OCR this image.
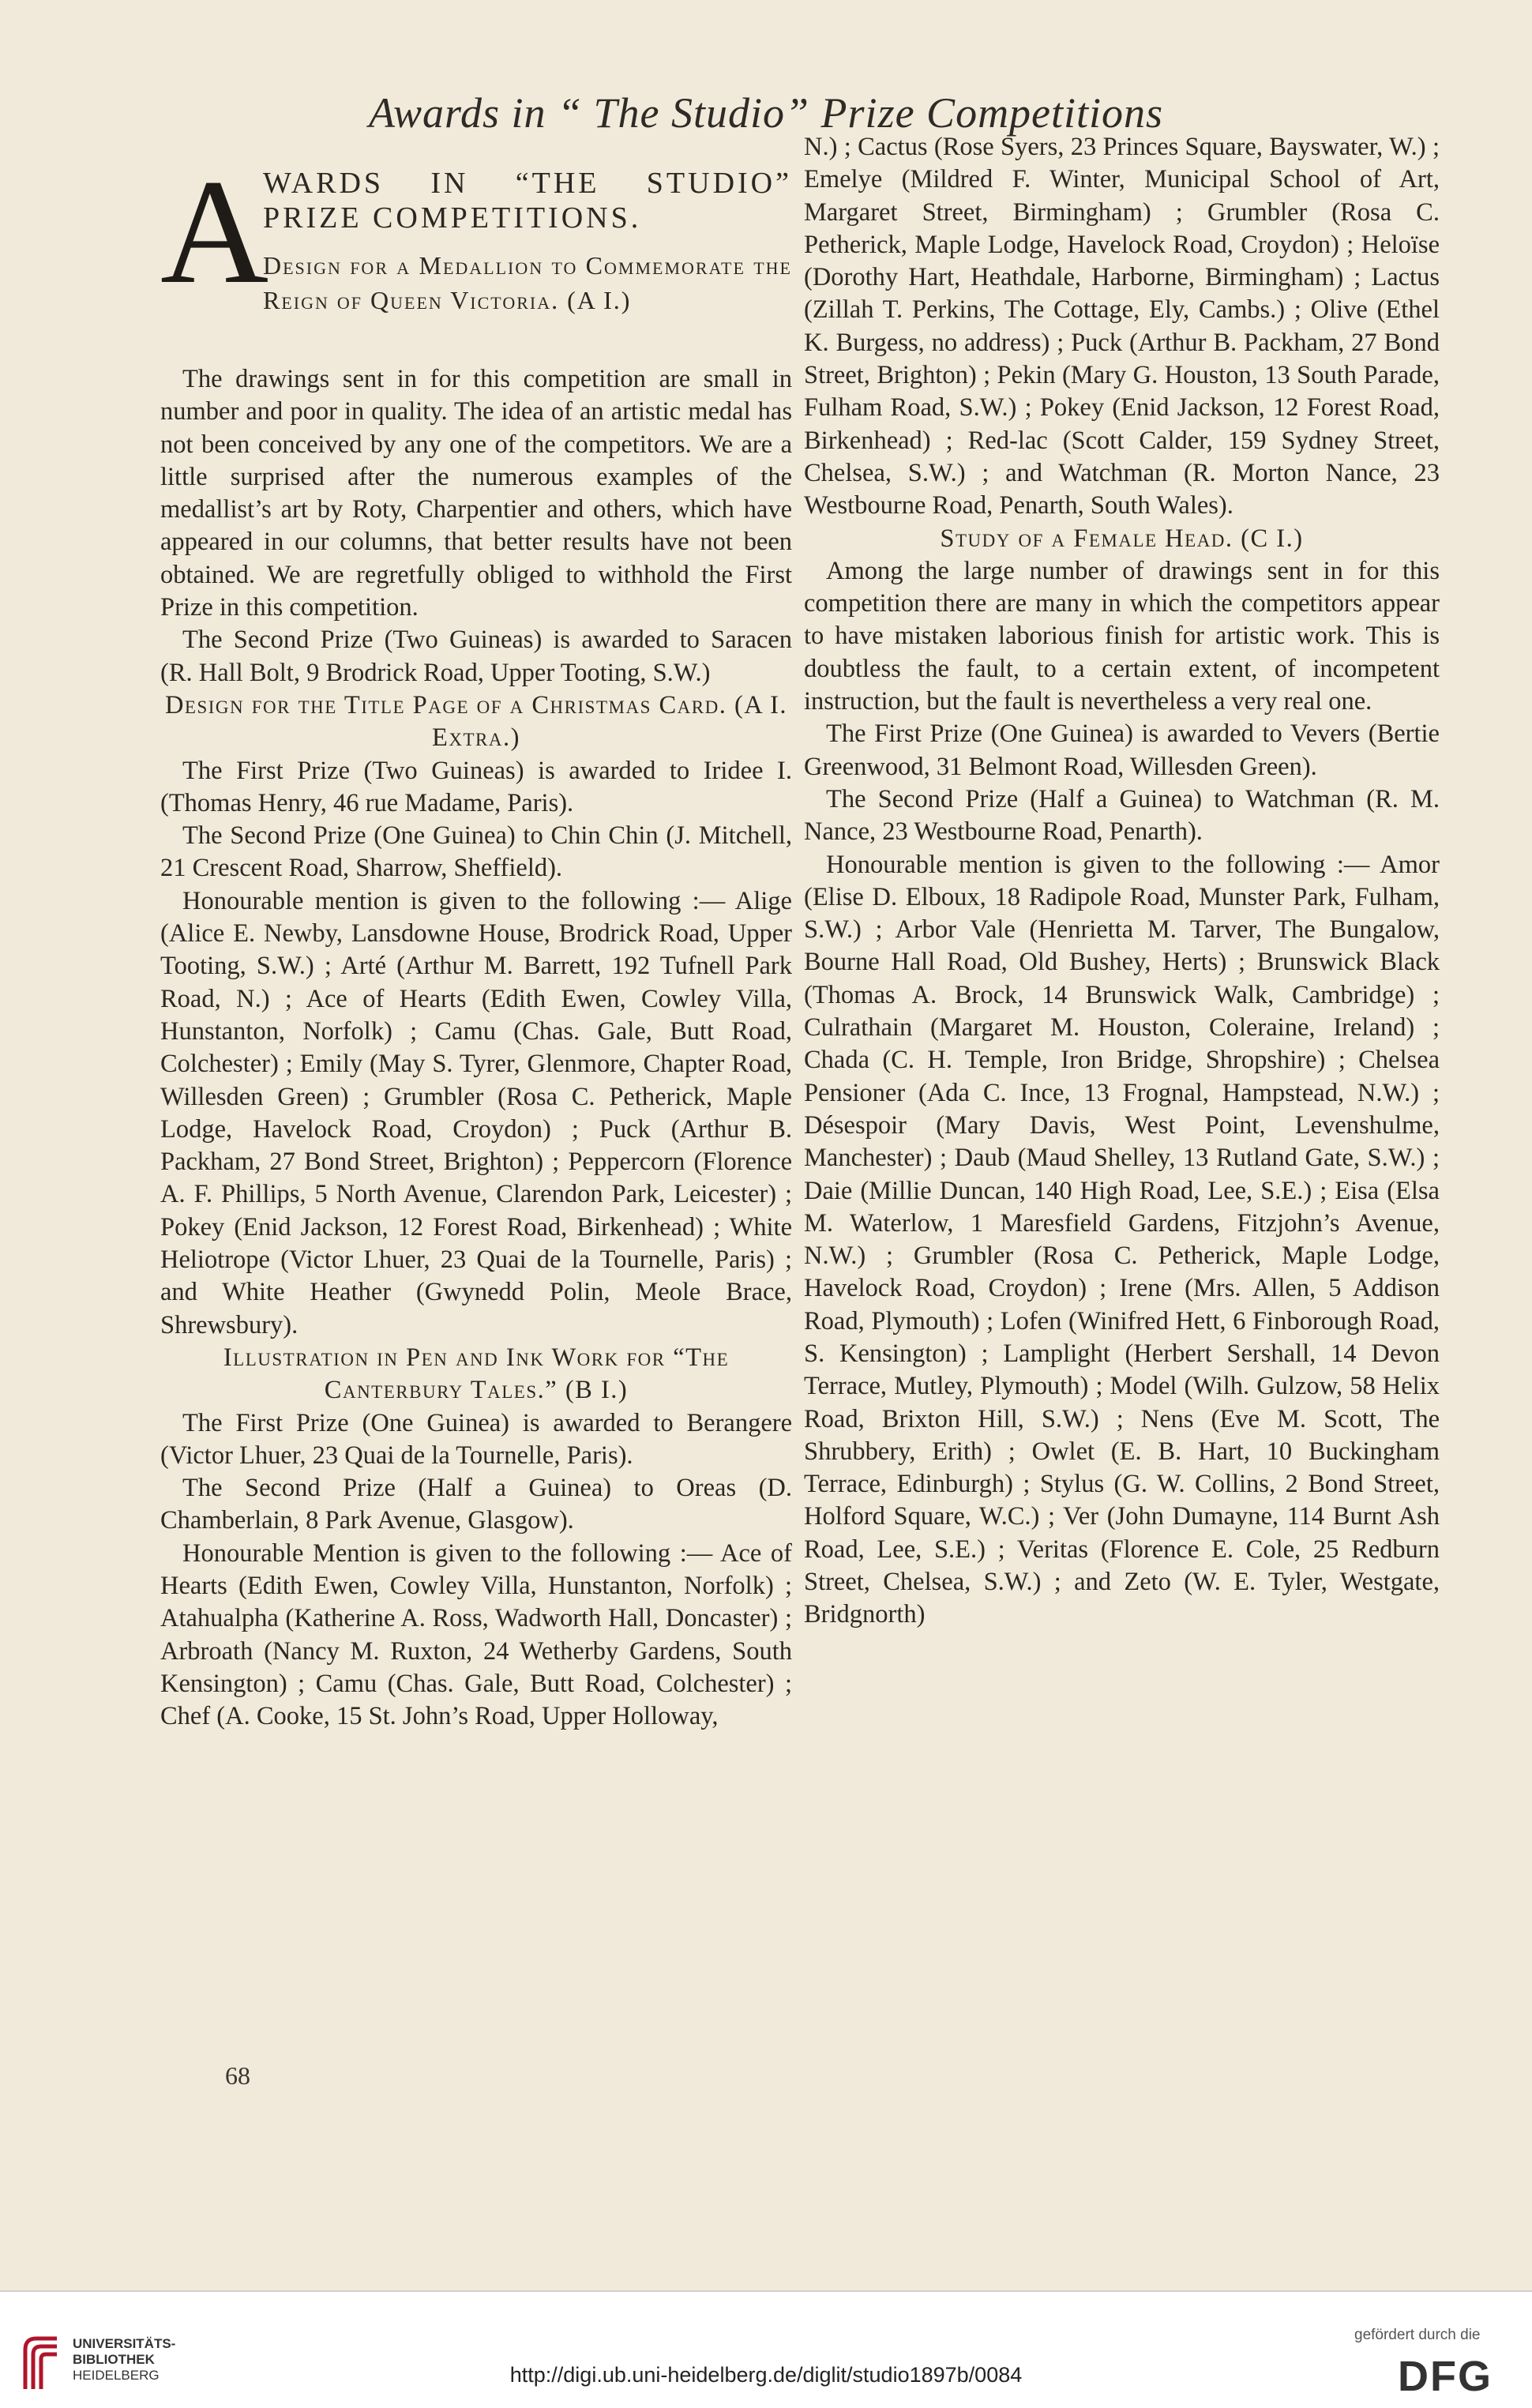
Awards in “ The Studio” Prize Competitions
A

WARDS IN “THE STUDIO” PRIZE COMPETITIONS.

Design for a Medallion to Commemorate the Reign of Queen Victoria. (A I.)

The drawings sent in for this competition are small in number and poor in quality. The idea of an artistic medal has not been conceived by any one of the competitors. We are a little surprised after the numerous examples of the medallist’s art by Roty, Charpentier and others, which have appeared in our columns, that better results have not been obtained. We are regretfully obliged to withhold the First Prize in this competition.

The Second Prize (Two Guineas) is awarded to Saracen (R. Hall Bolt, 9 Brodrick Road, Upper Tooting, S.W.)

Design for the Title Page of a Christmas Card. (A I. Extra.)

The First Prize (Two Guineas) is awarded to Iridee I. (Thomas Henry, 46 rue Madame, Paris).

The Second Prize (One Guinea) to Chin Chin (J. Mitchell, 21 Crescent Road, Sharrow, Sheffield).

Honourable mention is given to the following :— Alige (Alice E. Newby, Lansdowne House, Brodrick Road, Upper Tooting, S.W.) ; Arté (Arthur M. Barrett, 192 Tufnell Park Road, N.) ; Ace of Hearts (Edith Ewen, Cowley Villa, Hunstanton, Norfolk) ; Camu (Chas. Gale, Butt Road, Colchester) ; Emily (May S. Tyrer, Glenmore, Chapter Road, Willesden Green) ; Grumbler (Rosa C. Petherick, Maple Lodge, Havelock Road, Croydon) ; Puck (Arthur B. Packham, 27 Bond Street, Brighton) ; Peppercorn (Florence A. F. Phillips, 5 North Avenue, Clarendon Park, Leicester) ; Pokey (Enid Jackson, 12 Forest Road, Birkenhead) ; White Heliotrope (Victor Lhuer, 23 Quai de la Tournelle, Paris) ; and White Heather (Gwynedd Polin, Meole Brace, Shrewsbury).

Illustration in Pen and Ink Work for “The Canterbury Tales.” (B I.)

The First Prize (One Guinea) is awarded to Berangere (Victor Lhuer, 23 Quai de la Tournelle, Paris).

The Second Prize (Half a Guinea) to Oreas (D. Chamberlain, 8 Park Avenue, Glasgow).

Honourable Mention is given to the following :— Ace of Hearts (Edith Ewen, Cowley Villa, Hunstanton, Norfolk) ; Atahualpha (Katherine A. Ross, Wadworth Hall, Doncaster) ; Arbroath (Nancy M. Ruxton, 24 Wetherby Gardens, South Kensington) ; Camu (Chas. Gale, Butt Road, Colchester) ; Chef (A. Cooke, 15 St. John’s Road, Upper Holloway,

N.) ; Cactus (Rose Syers, 23 Princes Square, Bayswater, W.) ; Emelye (Mildred F. Winter, Municipal School of Art, Margaret Street, Birmingham) ; Grumbler (Rosa C. Petherick, Maple Lodge, Havelock Road, Croydon) ; Heloïse (Dorothy Hart, Heathdale, Harborne, Birmingham) ; Lactus (Zillah T. Perkins, The Cottage, Ely, Cambs.) ; Olive (Ethel K. Burgess, no address) ; Puck (Arthur B. Packham, 27 Bond Street, Brighton) ; Pekin (Mary G. Houston, 13 South Parade, Fulham Road, S.W.) ; Pokey (Enid Jackson, 12 Forest Road, Birkenhead) ; Red-lac (Scott Calder, 159 Sydney Street, Chelsea, S.W.) ; and Watchman (R. Morton Nance, 23 Westbourne Road, Penarth, South Wales).

Study of a Female Head. (C I.)

Among the large number of drawings sent in for this competition there are many in which the competitors appear to have mistaken laborious finish for artistic work. This is doubtless the fault, to a certain extent, of incompetent instruction, but the fault is nevertheless a very real one.

The First Prize (One Guinea) is awarded to Vevers (Bertie Greenwood, 31 Belmont Road, Willesden Green).

The Second Prize (Half a Guinea) to Watchman (R. M. Nance, 23 Westbourne Road, Penarth).

Honourable mention is given to the following :— Amor (Elise D. Elboux, 18 Radipole Road, Munster Park, Fulham, S.W.) ; Arbor Vale (Henrietta M. Tarver, The Bungalow, Bourne Hall Road, Old Bushey, Herts) ; Brunswick Black (Thomas A. Brock, 14 Brunswick Walk, Cambridge) ; Culrathain (Margaret M. Houston, Coleraine, Ireland) ; Chada (C. H. Temple, Iron Bridge, Shropshire) ; Chelsea Pensioner (Ada C. Ince, 13 Frognal, Hampstead, N.W.) ; Désespoir (Mary Davis, West Point, Levenshulme, Manchester) ; Daub (Maud Shelley, 13 Rutland Gate, S.W.) ; Daie (Millie Duncan, 140 High Road, Lee, S.E.) ; Eisa (Elsa M. Waterlow, 1 Maresfield Gardens, Fitzjohn’s Avenue, N.W.) ; Grumbler (Rosa C. Petherick, Maple Lodge, Havelock Road, Croydon) ; Irene (Mrs. Allen, 5 Addison Road, Plymouth) ; Lofen (Winifred Hett, 6 Finborough Road, S. Kensington) ; Lamplight (Herbert Sershall, 14 Devon Terrace, Mutley, Plymouth) ; Model (Wilh. Gulzow, 58 Helix Road, Brixton Hill, S.W.) ; Nens (Eve M. Scott, The Shrubbery, Erith) ; Owlet (E. B. Hart, 10 Buckingham Terrace, Edinburgh) ; Stylus (G. W. Collins, 2 Bond Street, Holford Square, W.C.) ; Ver (John Dumayne, 114 Burnt Ash Road, Lee, S.E.) ; Veritas (Florence E. Cole, 25 Redburn Street, Chelsea, S.W.) ; and Zeto (W. E. Tyler, Westgate, Bridgnorth)

68
UNIVERSITÄTS-
BIBLIOTHEK
HEIDELBERG	http://digi.ub.uni-heidelberg.de/diglit/studio1897b/0084
gefördert durch die
DFG
